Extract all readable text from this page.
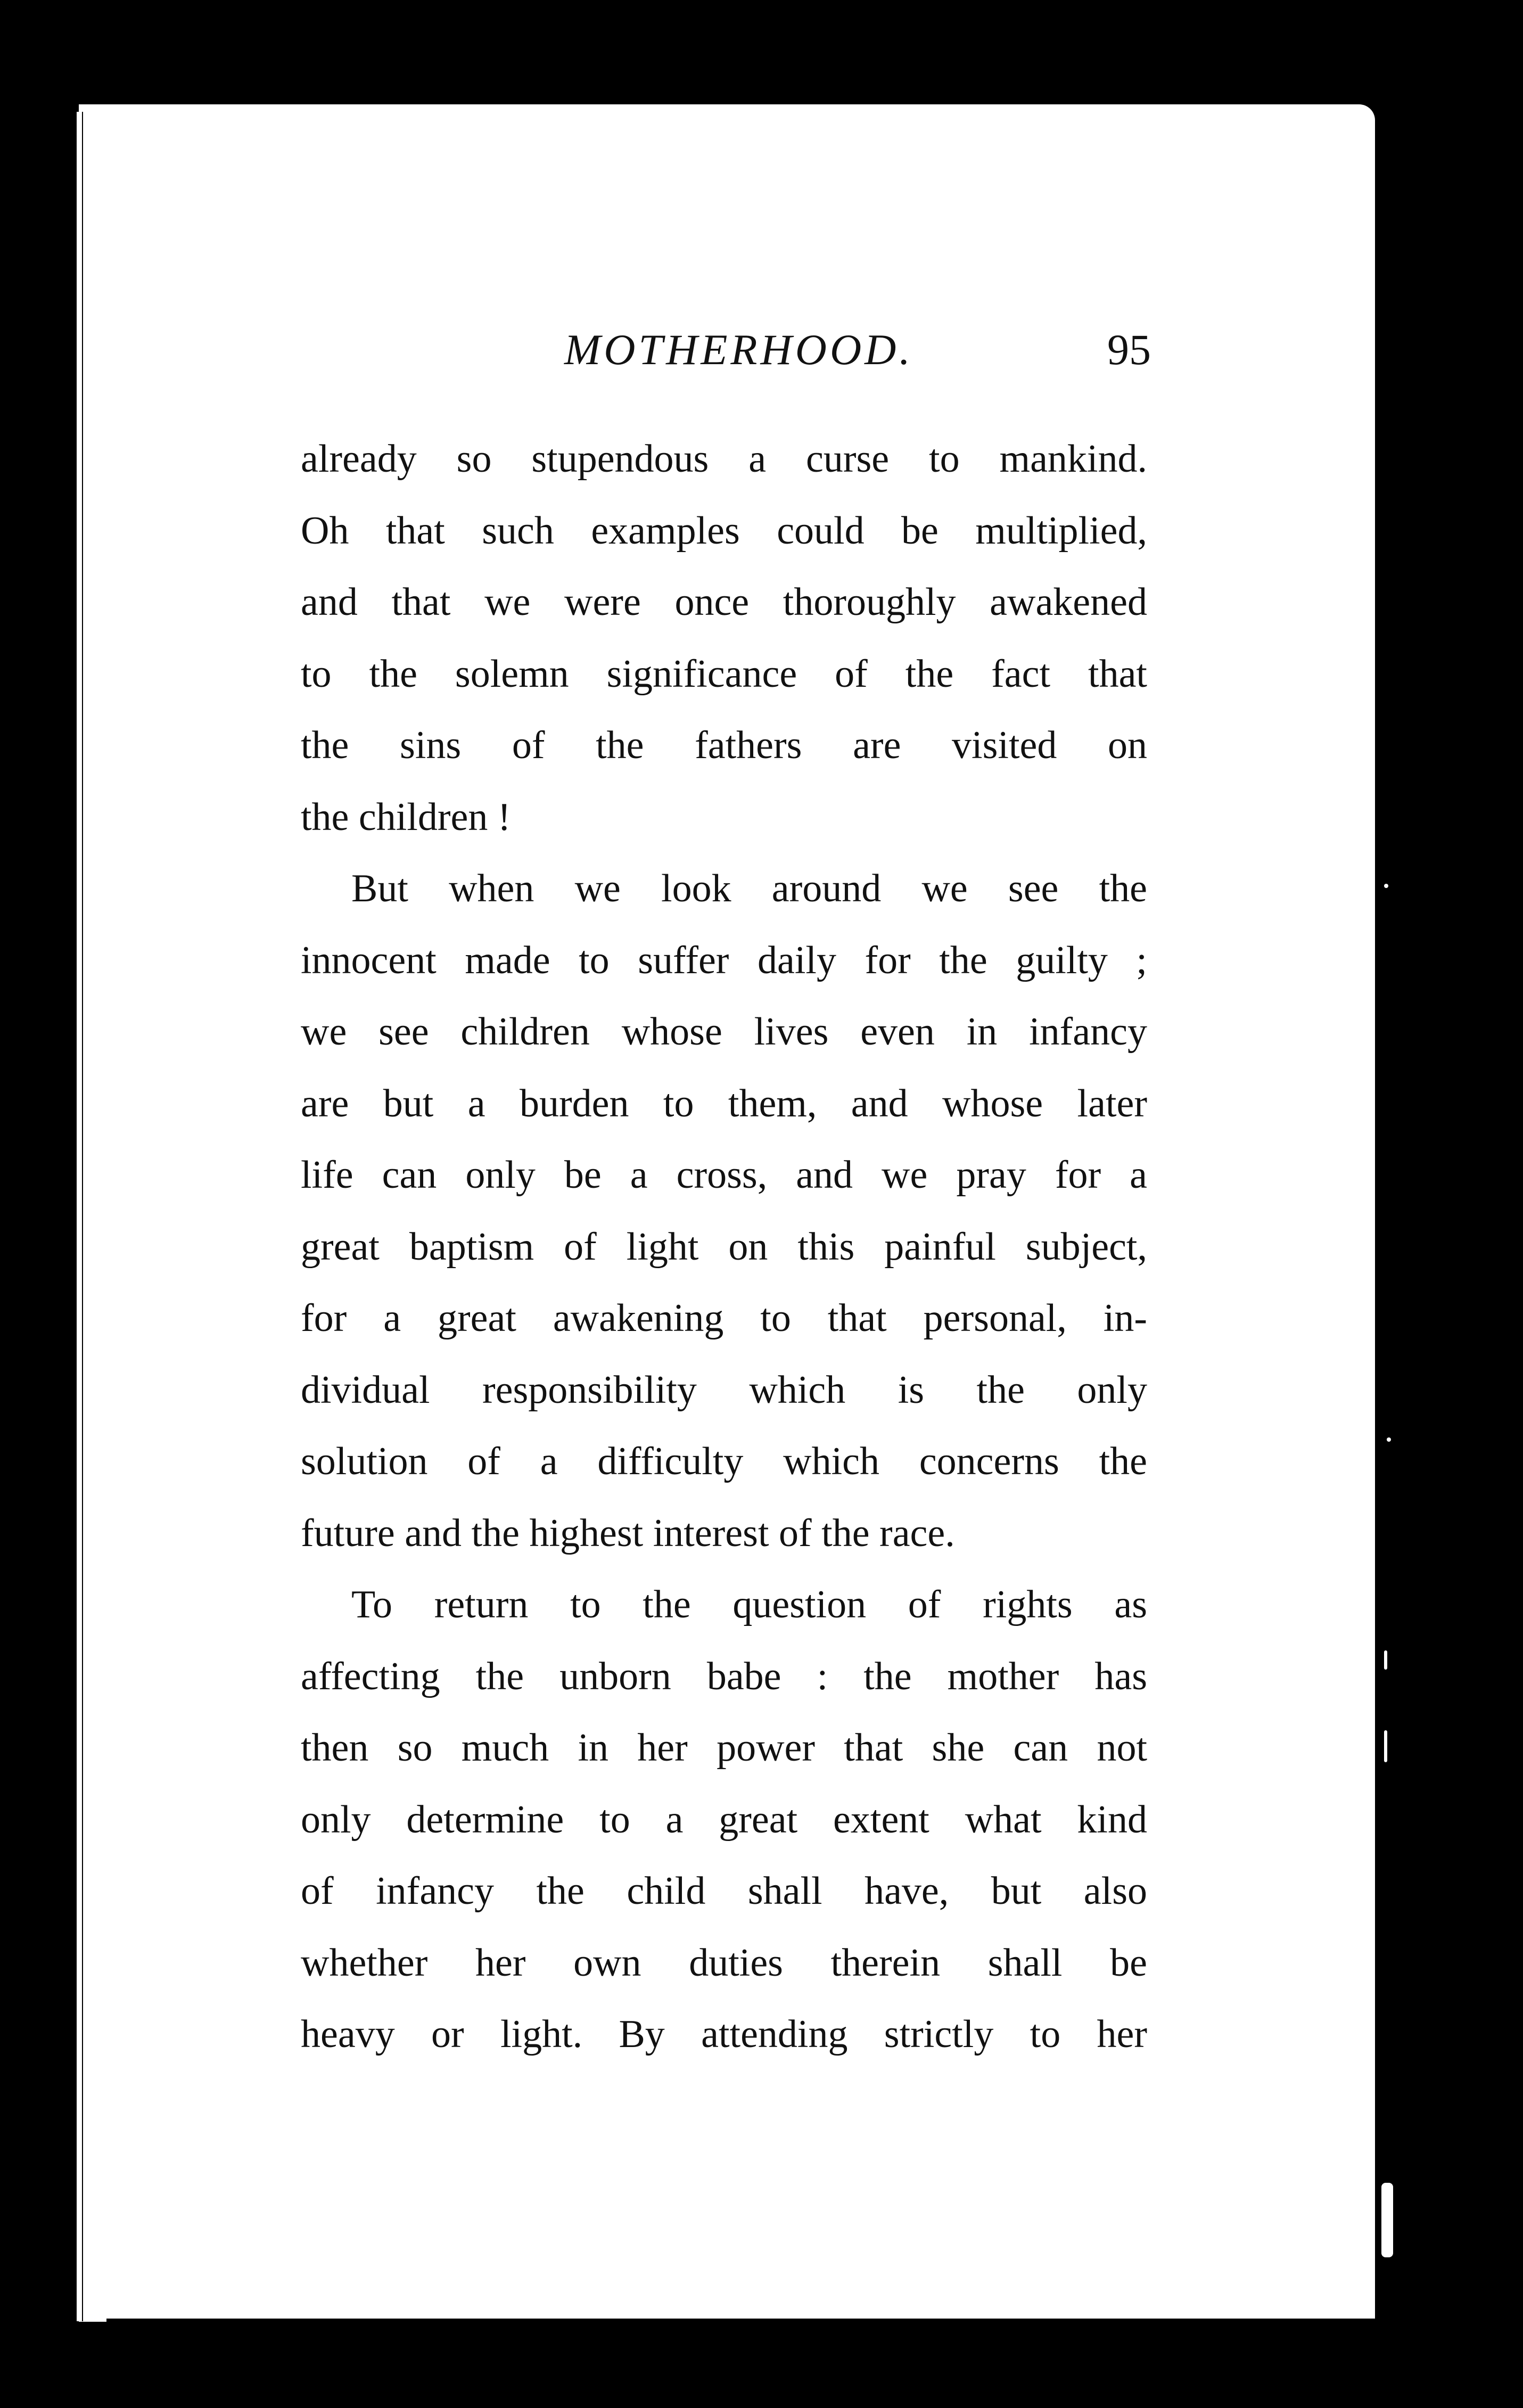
MOTHERHOOD.	95
already so stupendous a curse to mankind.
Oh that such examples could be multiplied,
and that we were once thoroughly awakened
to the solemn significance of the fact that
the sins of the fathers are visited on
the children !
But when we look around we see the
innocent made to suffer daily for the guilty ;
we see children whose lives even in infancy
are but a burden to them, and whose later
life can only be a cross, and we pray for a
great baptism of light on this painful subject,
for a great awakening to that personal, in-
dividual responsibility which is the only
solution of a difficulty which concerns the
future and the highest interest of the race.
To return to the question of rights as
affecting the unborn babe : the mother has
then so much in her power that she can not
only determine to a great extent what kind
of infancy the child shall have, but also
whether her own duties therein shall be
heavy or light. By attending strictly to her
